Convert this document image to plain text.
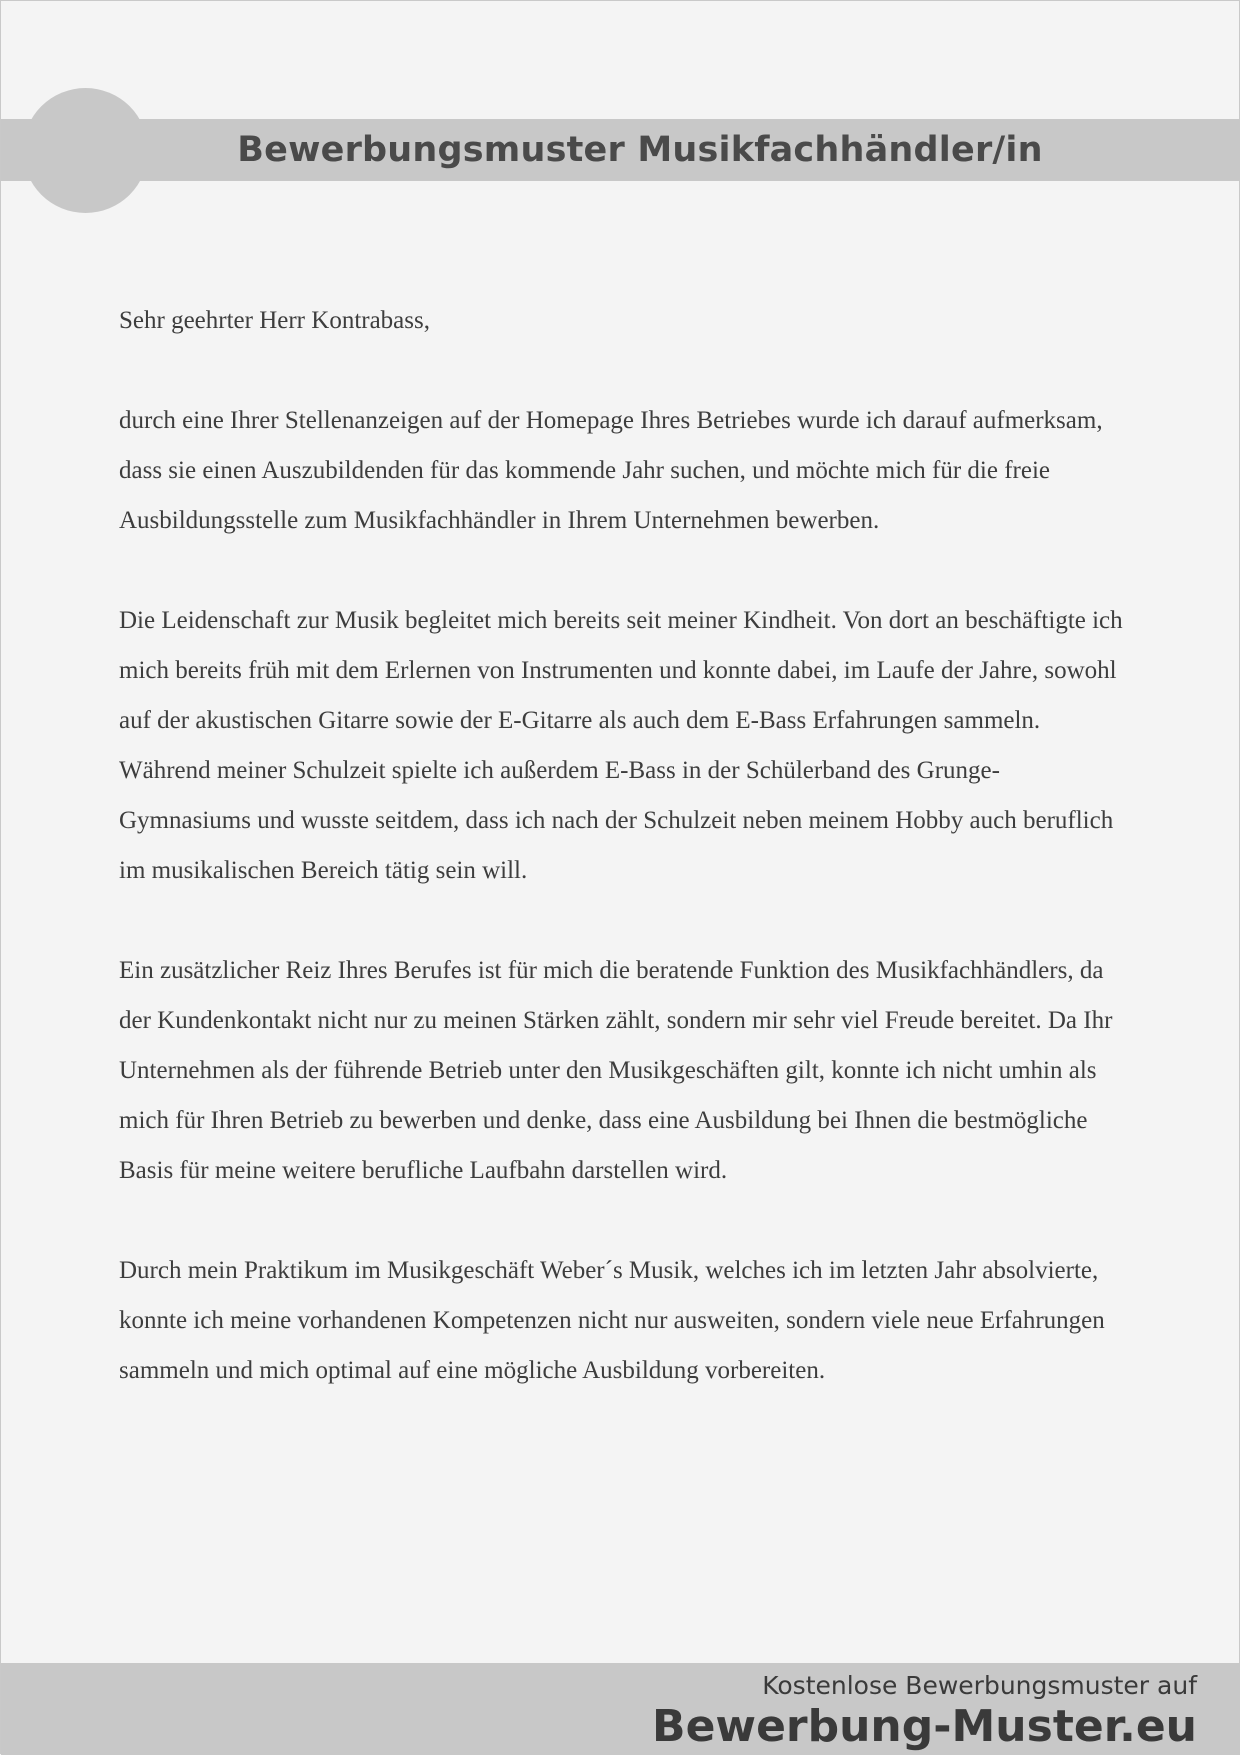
Bewerbungsmuster Musikfachhändler/in

Sehr geehrter Herr Kontrabass,

durch eine Ihrer Stellenanzeigen auf der Homepage Ihres Betriebes wurde ich darauf aufmerksam, dass sie einen Auszubildenden für das kommende Jahr suchen, und möchte mich für die freie Ausbildungsstelle zum Musikfachhändler in Ihrem Unternehmen bewerben.

Die Leidenschaft zur Musik begleitet mich bereits seit meiner Kindheit. Von dort an beschäftigte ich mich bereits früh mit dem Erlernen von Instrumenten und konnte dabei, im Laufe der Jahre, sowohl auf der akustischen Gitarre sowie der E-Gitarre als auch dem E-Bass Erfahrungen sammeln. Während meiner Schulzeit spielte ich außerdem E-Bass in der Schülerband des Grunge-Gymnasiums und wusste seitdem, dass ich nach der Schulzeit neben meinem Hobby auch beruflich im musikalischen Bereich tätig sein will.

Ein zusätzlicher Reiz Ihres Berufes ist für mich die beratende Funktion des Musikfachhändlers, da der Kundenkontakt nicht nur zu meinen Stärken zählt, sondern mir sehr viel Freude bereitet. Da Ihr Unternehmen als der führende Betrieb unter den Musikgeschäften gilt, konnte ich nicht umhin als mich für Ihren Betrieb zu bewerben und denke, dass eine Ausbildung bei Ihnen die bestmögliche Basis für meine weitere berufliche Laufbahn darstellen wird.

Durch mein Praktikum im Musikgeschäft Weber´s Musik, welches ich im letzten Jahr absolvierte, konnte ich meine vorhandenen Kompetenzen nicht nur ausweiten, sondern viele neue Erfahrungen sammeln und mich optimal auf eine mögliche Ausbildung vorbereiten.

Kostenlose Bewerbungsmuster auf
Bewerbung-Muster.eu
